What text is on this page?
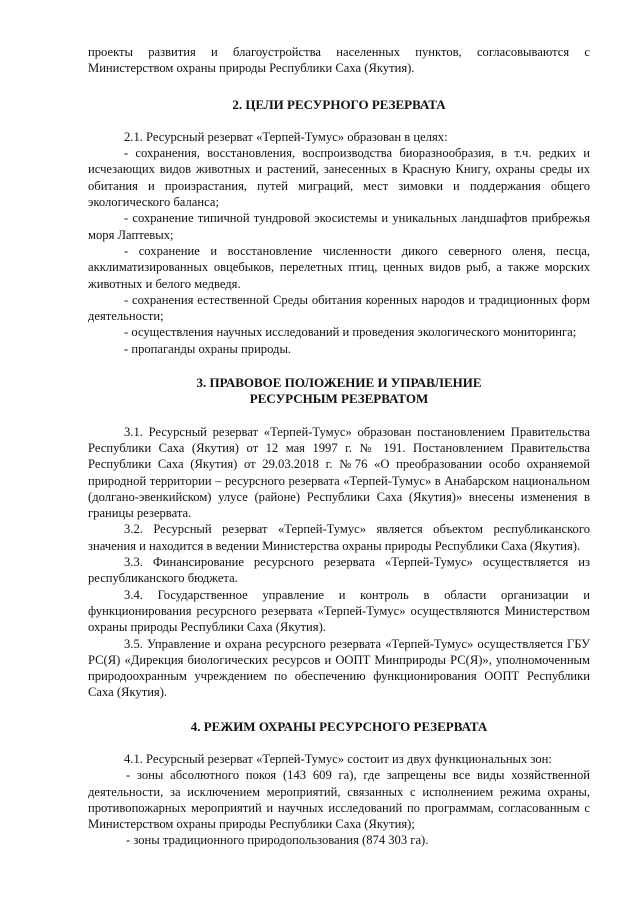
проекты развития и благоустройства населенных пунктов, согласовываются с Министерством охраны природы Республики Саха (Якутия).

2. ЦЕЛИ РЕСУРНОГО РЕЗЕРВАТА

2.1. Ресурсный резерват «Терпей-Тумус» образован в целях:

- сохранения, восстановления, воспроизводства биоразнообразия, в т.ч. редких и исчезающих видов животных и растений, занесенных в Красную Книгу, охраны среды их обитания и произрастания, путей миграций, мест зимовки и поддержания общего экологического баланса;

- сохранение типичной тундровой экосистемы и уникальных ландшафтов прибрежья моря Лаптевых;

- сохранение и восстановление численности дикого северного оленя, песца, акклиматизированных овцебыков, перелетных птиц, ценных видов рыб, а также морских животных и белого медведя.

- сохранения естественной Среды обитания коренных народов и традиционных форм деятельности;

- осуществления научных исследований и проведения экологического мониторинга;

- пропаганды охраны природы.

3. ПРАВОВОЕ ПОЛОЖЕНИЕ И УПРАВЛЕНИЕ
РЕСУРСНЫМ РЕЗЕРВАТОМ

3.1. Ресурсный резерват «Терпей-Тумус» образован постановлением Правительства Республики Саха (Якутия) от 12 мая 1997 г. № 191. Постановлением Правительства Республики Саха (Якутия) от 29.03.2018 г. №76 «О преобразовании особо охраняемой природной территории – ресурсного резервата «Терпей-Тумус» в Анабарском национальном (долгано-эвенкийском) улусе (районе) Республики Саха (Якутия)» внесены изменения в границы резервата.

3.2. Ресурсный резерват «Терпей-Тумус» является объектом республиканского значения и находится в ведении Министерства охраны природы Республики Саха (Якутия).

3.3. Финансирование ресурсного резервата «Терпей-Тумус» осуществляется из республиканского бюджета.

3.4. Государственное управление и контроль в области организации и функционирования ресурсного резервата «Терпей-Тумус» осуществляются Министерством охраны природы Республики Саха (Якутия).

3.5. Управление и охрана ресурсного резервата «Терпей-Тумус» осуществляется ГБУ РС(Я) «Дирекция биологических ресурсов и ООПТ Минприроды РС(Я)», уполномоченным природоохранным учреждением по обеспечению функционирования ООПТ Республики Саха (Якутия).

4. РЕЖИМ ОХРАНЫ РЕСУРСНОГО РЕЗЕРВАТА

4.1. Ресурсный резерват «Терпей-Тумус» состоит из двух функциональных зон:

- зоны абсолютного покоя (143 609 га), где запрещены все виды хозяйственной деятельности, за исключением мероприятий, связанных с исполнением режима охраны, противопожарных мероприятий и научных исследований по программам, согласованным с Министерством охраны природы Республики Саха (Якутия);

- зоны традиционного природопользования (874 303 га).
